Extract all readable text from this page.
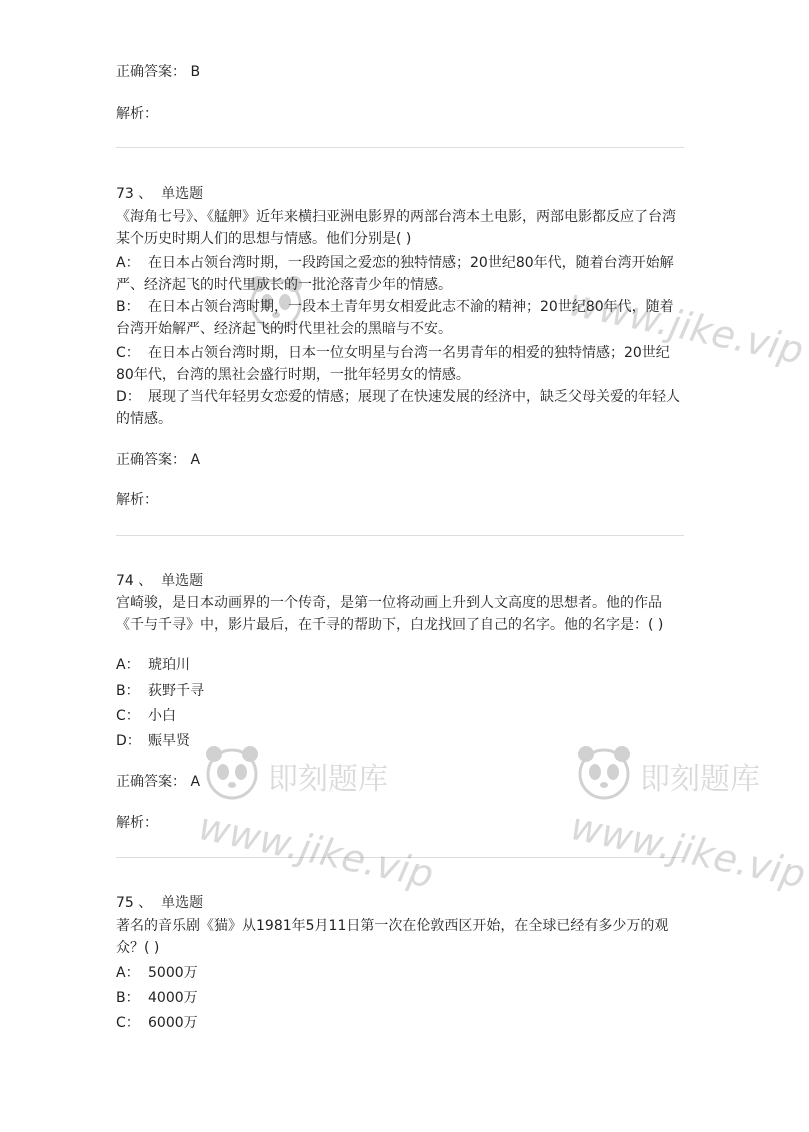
正确答案： B
解析：
73 、 单选题
《海角七号》、《艋舺》近年来横扫亚洲电影界的两部台湾本土电影，两部电影都反应了台湾某个历史时期人们的思想与情感。他们分别是( )
A： 在日本占领台湾时期，一段跨国之爱恋的独特情感；20世纪80年代，随着台湾开始解严、经济起飞的时代里成长的一批沦落青少年的情感。
B： 在日本占领台湾时期，一段本土青年男女相爱此志不渝的精神；20世纪80年代，随着台湾开始解严、经济起飞的时代里社会的黑暗与不安。
C： 在日本占领台湾时期，日本一位女明星与台湾一名男青年的相爱的独特情感；20世纪80年代，台湾的黑社会盛行时期，一批年轻男女的情感。
D： 展现了当代年轻男女恋爱的情感；展现了在快速发展的经济中，缺乏父母关爱的年轻人的情感。
正确答案： A
解析：
74 、 单选题
宫崎骏，是日本动画界的一个传奇，是第一位将动画上升到人文高度的思想者。他的作品《千与千寻》中，影片最后，在千寻的帮助下，白龙找回了自己的名字。他的名字是：( )
A： 琥珀川
B： 荻野千寻
C： 小白
D： 赈早贤
正确答案： A
解析：
75 、 单选题
著名的音乐剧《猫》从1981年5月11日第一次在伦敦西区开始，在全球已经有多少万的观众？( )
A： 5000万
B： 4000万
C： 6000万
即刻题库
www.jike.vip
即刻题库
www.jike.vip
www.jike.vip
